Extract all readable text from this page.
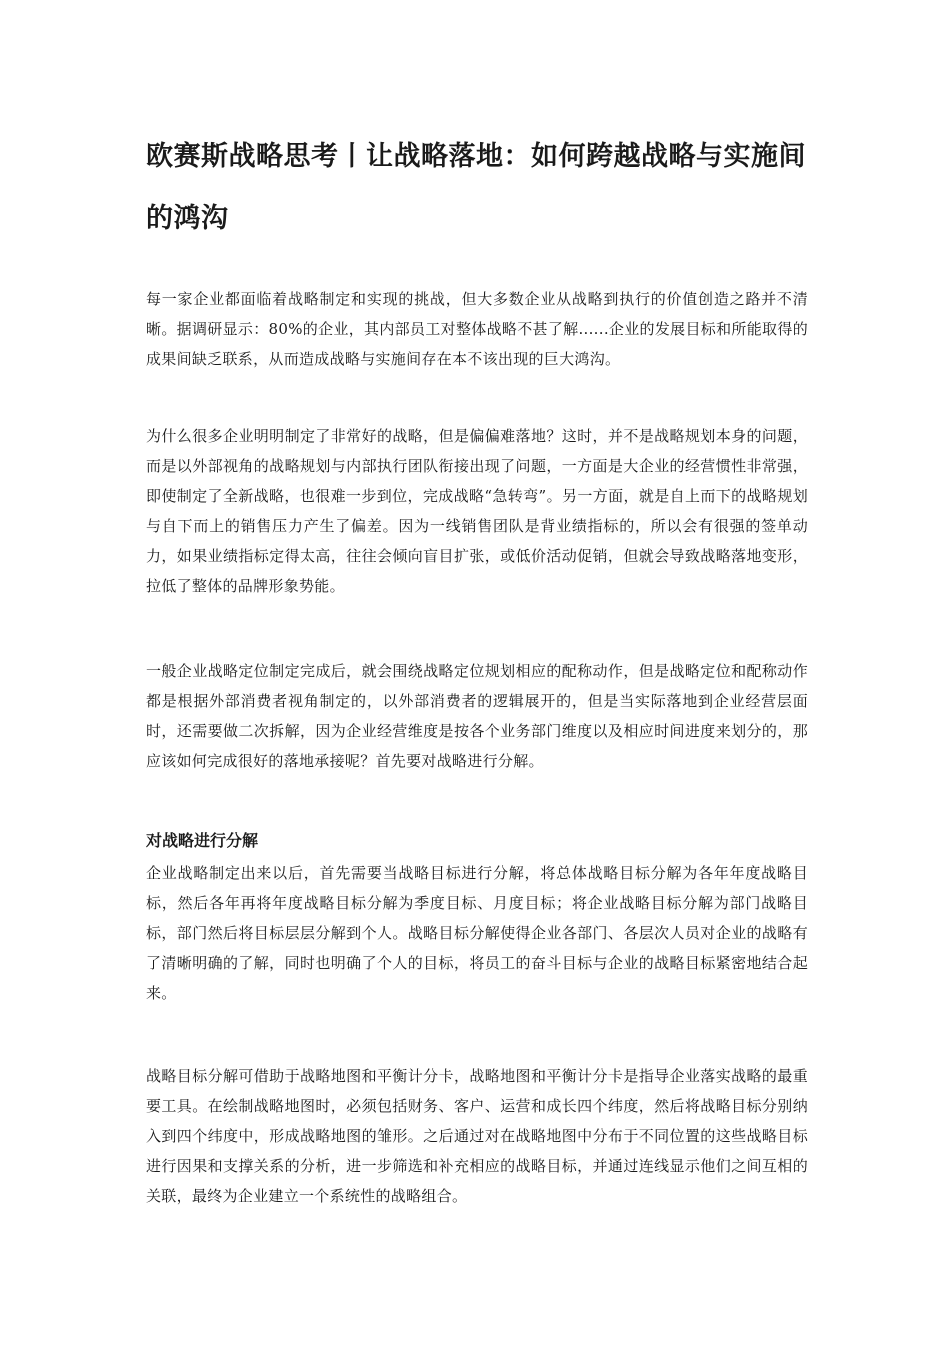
欧赛斯战略思考丨让战略落地：如何跨越战略与实施间的鸿沟

每一家企业都面临着战略制定和实现的挑战，但大多数企业从战略到执行的价值创造之路并不清晰。据调研显示：80%的企业，其内部员工对整体战略不甚了解......企业的发展目标和所能取得的成果间缺乏联系，从而造成战略与实施间存在本不该出现的巨大鸿沟。

为什么很多企业明明制定了非常好的战略，但是偏偏难落地？这时，并不是战略规划本身的问题，而是以外部视角的战略规划与内部执行团队衔接出现了问题，一方面是大企业的经营惯性非常强，即使制定了全新战略，也很难一步到位，完成战略“急转弯”。另一方面，就是自上而下的战略规划与自下而上的销售压力产生了偏差。因为一线销售团队是背业绩指标的，所以会有很强的签单动力，如果业绩指标定得太高，往往会倾向盲目扩张，或低价活动促销，但就会导致战略落地变形，拉低了整体的品牌形象势能。

一般企业战略定位制定完成后，就会围绕战略定位规划相应的配称动作，但是战略定位和配称动作都是根据外部消费者视角制定的，以外部消费者的逻辑展开的，但是当实际落地到企业经营层面时，还需要做二次拆解，因为企业经营维度是按各个业务部门维度以及相应时间进度来划分的，那应该如何完成很好的落地承接呢？首先要对战略进行分解。

对战略进行分解

企业战略制定出来以后，首先需要当战略目标进行分解，将总体战略目标分解为各年年度战略目标，然后各年再将年度战略目标分解为季度目标、月度目标；将企业战略目标分解为部门战略目标，部门然后将目标层层分解到个人。战略目标分解使得企业各部门、各层次人员对企业的战略有了清晰明确的了解，同时也明确了个人的目标，将员工的奋斗目标与企业的战略目标紧密地结合起来。

战略目标分解可借助于战略地图和平衡计分卡，战略地图和平衡计分卡是指导企业落实战略的最重要工具。在绘制战略地图时，必须包括财务、客户、运营和成长四个纬度，然后将战略目标分别纳入到四个纬度中，形成战略地图的雏形。之后通过对在战略地图中分布于不同位置的这些战略目标进行因果和支撑关系的分析，进一步筛选和补充相应的战略目标，并通过连线显示他们之间互相的关联，最终为企业建立一个系统性的战略组合。
